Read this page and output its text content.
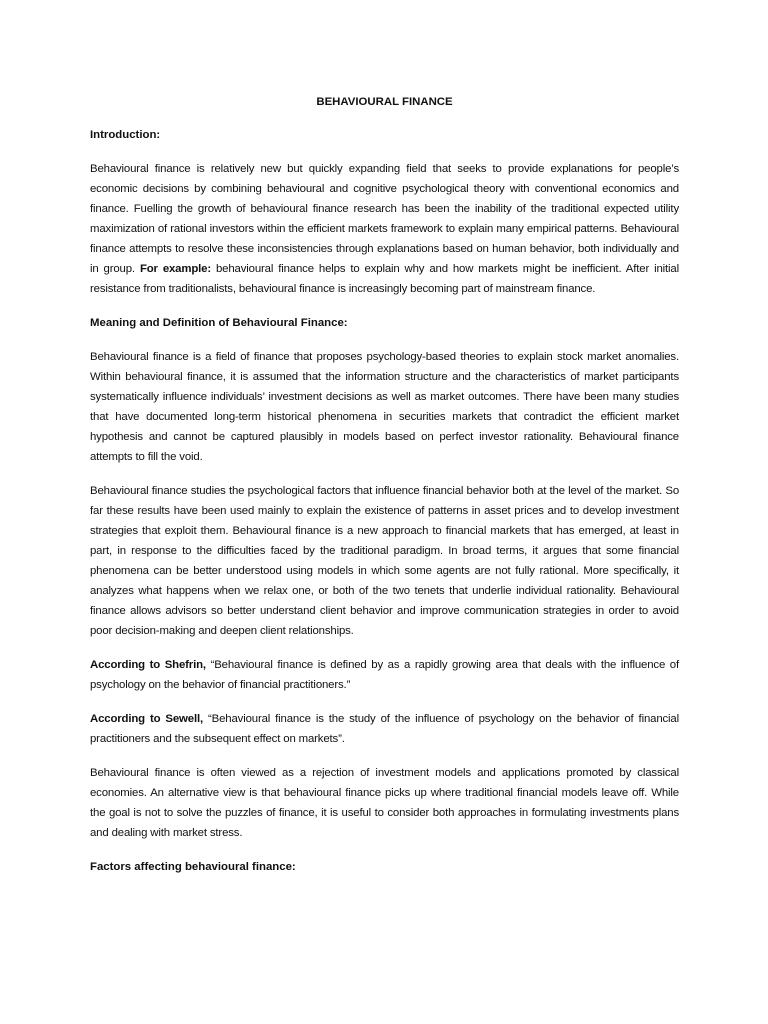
BEHAVIOURAL FINANCE
Introduction:

Behavioural finance is relatively new but quickly expanding field that seeks to provide explanations for people’s economic decisions by combining behavioural and cognitive psychological theory with conventional economics and finance. Fuelling the growth of behavioural finance research has been the inability of the traditional expected utility maximization of rational investors within the efficient markets framework to explain many empirical patterns. Behavioural finance attempts to resolve these inconsistencies through explanations based on human behavior, both individually and in group. For example: behavioural finance helps to explain why and how markets might be inefficient. After initial resistance from traditionalists, behavioural finance is increasingly becoming part of mainstream finance.

Meaning and Definition of Behavioural Finance:

Behavioural finance is a field of finance that proposes psychology-based theories to explain stock market anomalies. Within behavioural finance, it is assumed that the information structure and the characteristics of market participants systematically influence individuals’ investment decisions as well as market outcomes. There have been many studies that have documented long-term historical phenomena in securities markets that contradict the efficient market hypothesis and cannot be captured plausibly in models based on perfect investor rationality. Behavioural finance attempts to fill the void.

Behavioural finance studies the psychological factors that influence financial behavior both at the level of the market. So far these results have been used mainly to explain the existence of patterns in asset prices and to develop investment strategies that exploit them. Behavioural finance is a new approach to financial markets that has emerged, at least in part, in response to the difficulties faced by the traditional paradigm. In broad terms, it argues that some financial phenomena can be better understood using models in which some agents are not fully rational. More specifically, it analyzes what happens when we relax one, or both of the two tenets that underlie individual rationality. Behavioural finance allows advisors so better understand client behavior and improve communication strategies in order to avoid poor decision-making and deepen client relationships.

According to Shefrin, “Behavioural finance is defined by as a rapidly growing area that deals with the influence of psychology on the behavior of financial practitioners.”

According to Sewell, “Behavioural finance is the study of the influence of psychology on the behavior of financial practitioners and the subsequent effect on markets”.

Behavioural finance is often viewed as a rejection of investment models and applications promoted by classical economies. An alternative view is that behavioural finance picks up where traditional financial models leave off. While the goal is not to solve the puzzles of finance, it is useful to consider both approaches in formulating investments plans and dealing with market stress.

Factors affecting behavioural finance:
